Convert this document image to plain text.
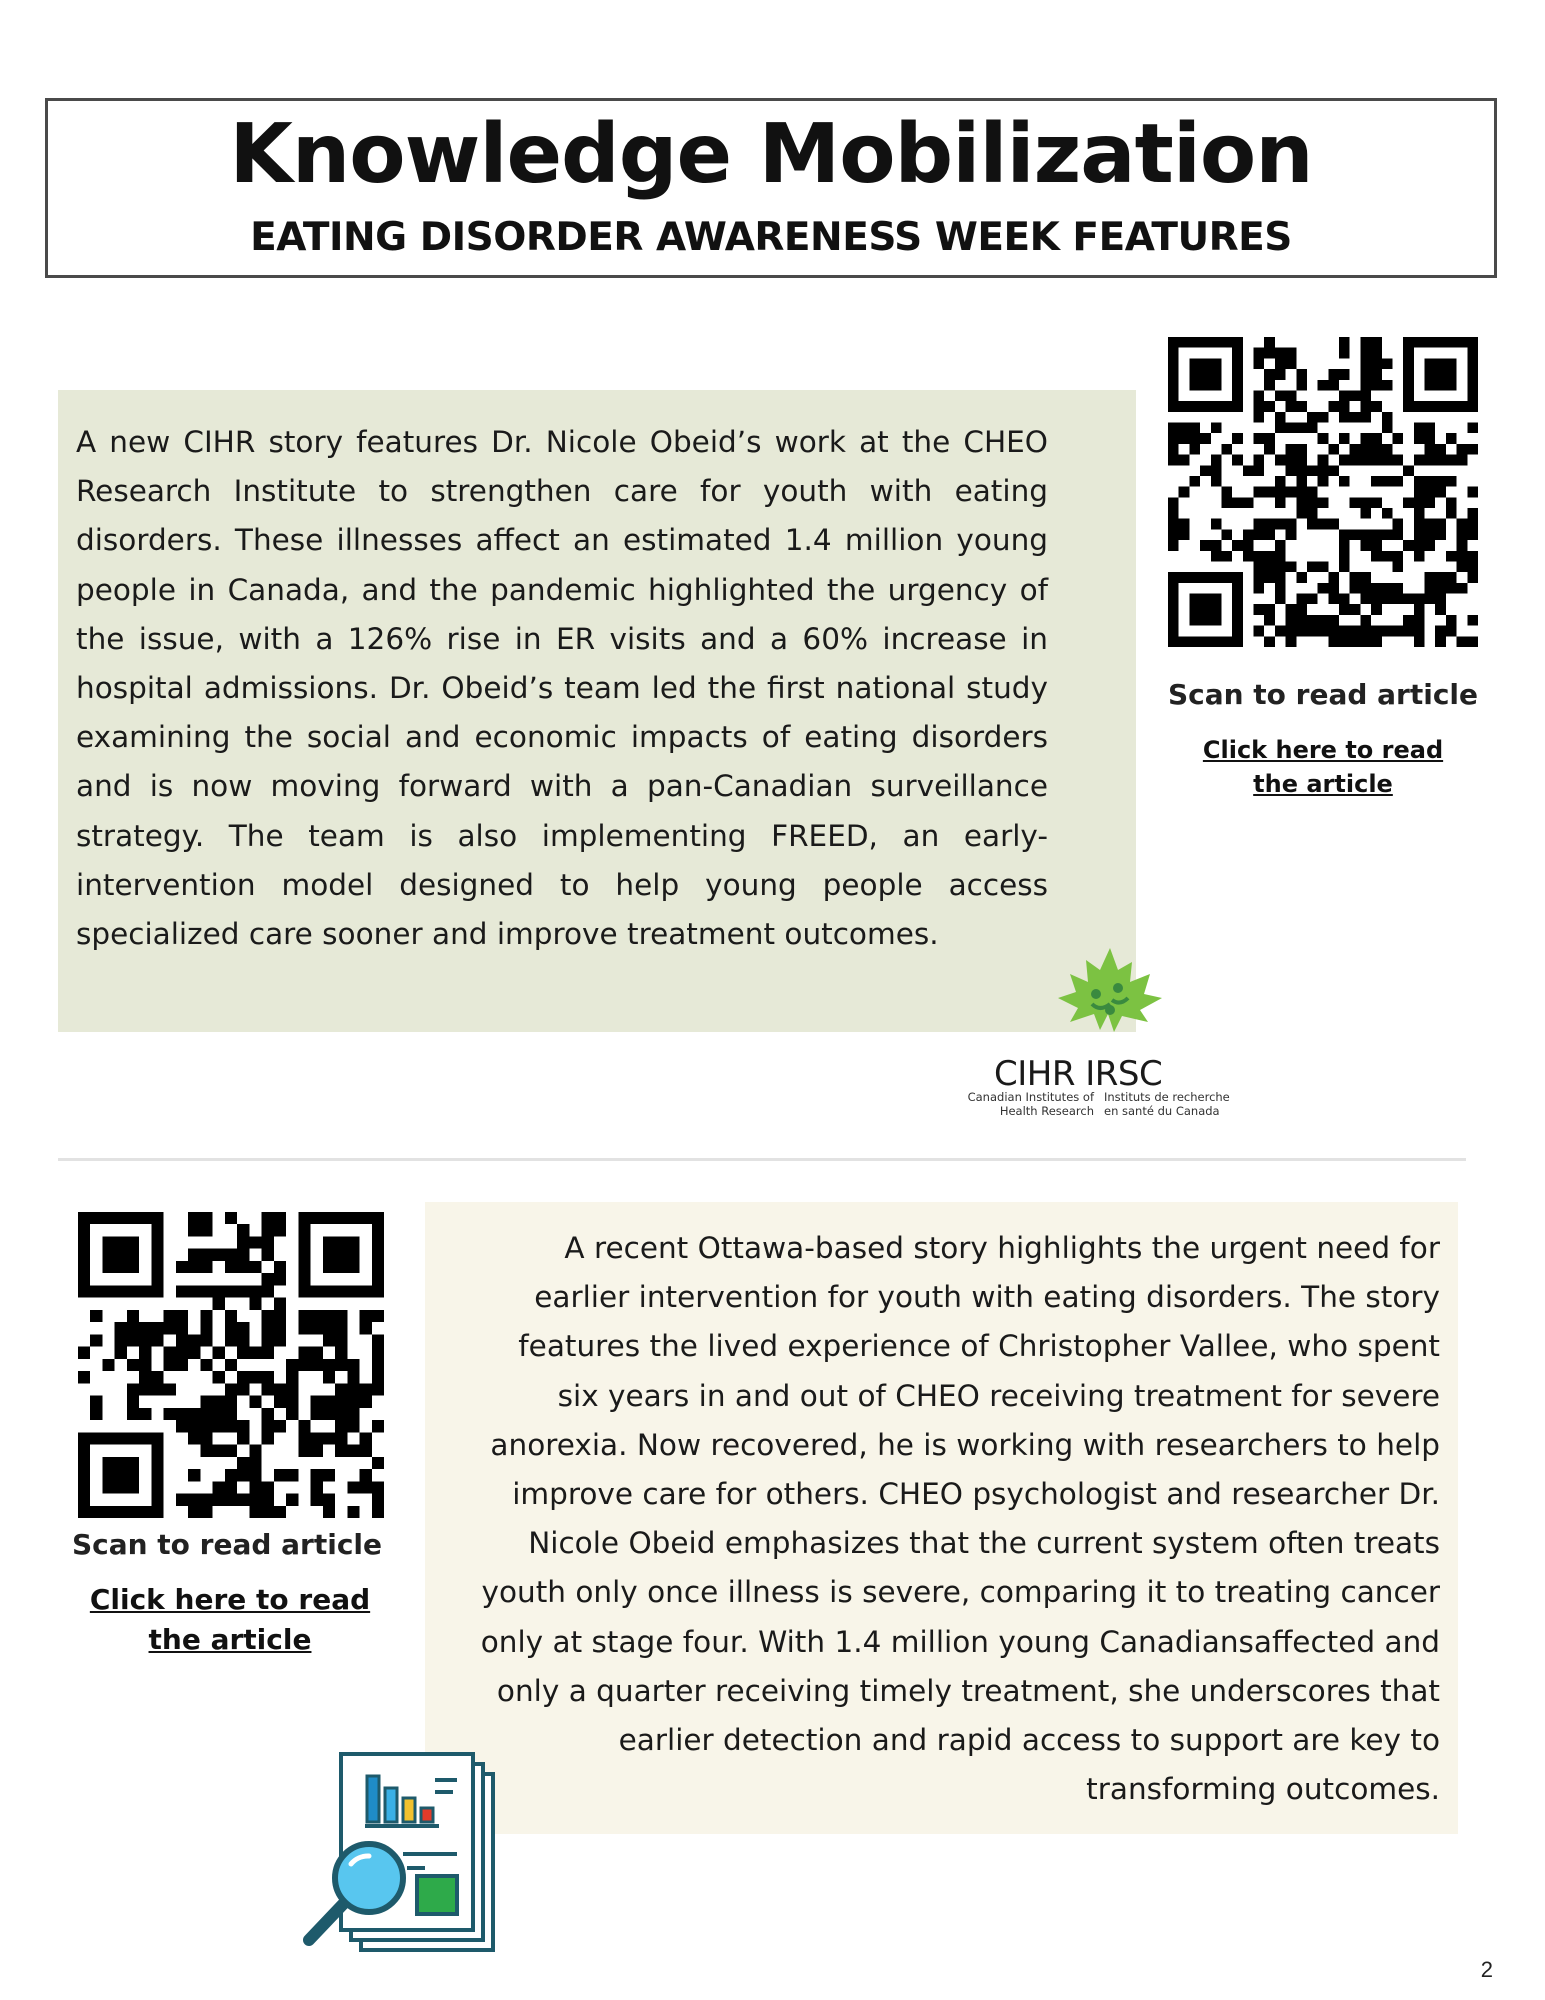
Knowledge Mobilization
EATING DISORDER AWARENESS WEEK FEATURES
A new CIHR story features Dr. Nicole Obeid’s work at the CHEO Research Institute to strengthen care for youth with eating disorders. These illnesses affect an estimated 1.4 million young people in Canada, and the pandemic highlighted the urgency of the issue, with a 126% rise in ER visits and a 60% increase in hospital admissions. Dr. Obeid’s team led the first national study examining the social and economic impacts of eating disorders and is now moving forward with a pan-Canadian surveillance strategy. The team is also implementing FREED, an early-intervention model designed to help young people access specialized care sooner and improve treatment outcomes.
Scan to read article
Click here to read the article
CIHR IRSC
Canadian Institutes of
Health Research
Instituts de recherche
en santé du Canada
A recent Ottawa-based story highlights the urgent need for earlier intervention for youth with eating disorders. The story features the lived experience of Christopher Vallee, who spent six years in and out of CHEO receiving treatment for severe anorexia. Now recovered, he is working with researchers to help improve care for others. CHEO psychologist and researcher Dr. Nicole Obeid emphasizes that the current system often treats youth only once illness is severe, comparing it to treating cancer only at stage four. With 1.4 million young Canadiansaffected and only a quarter receiving timely treatment, she underscores that earlier detection and rapid access to support are key to transforming outcomes.
Scan to read article
Click here to read the article
2
